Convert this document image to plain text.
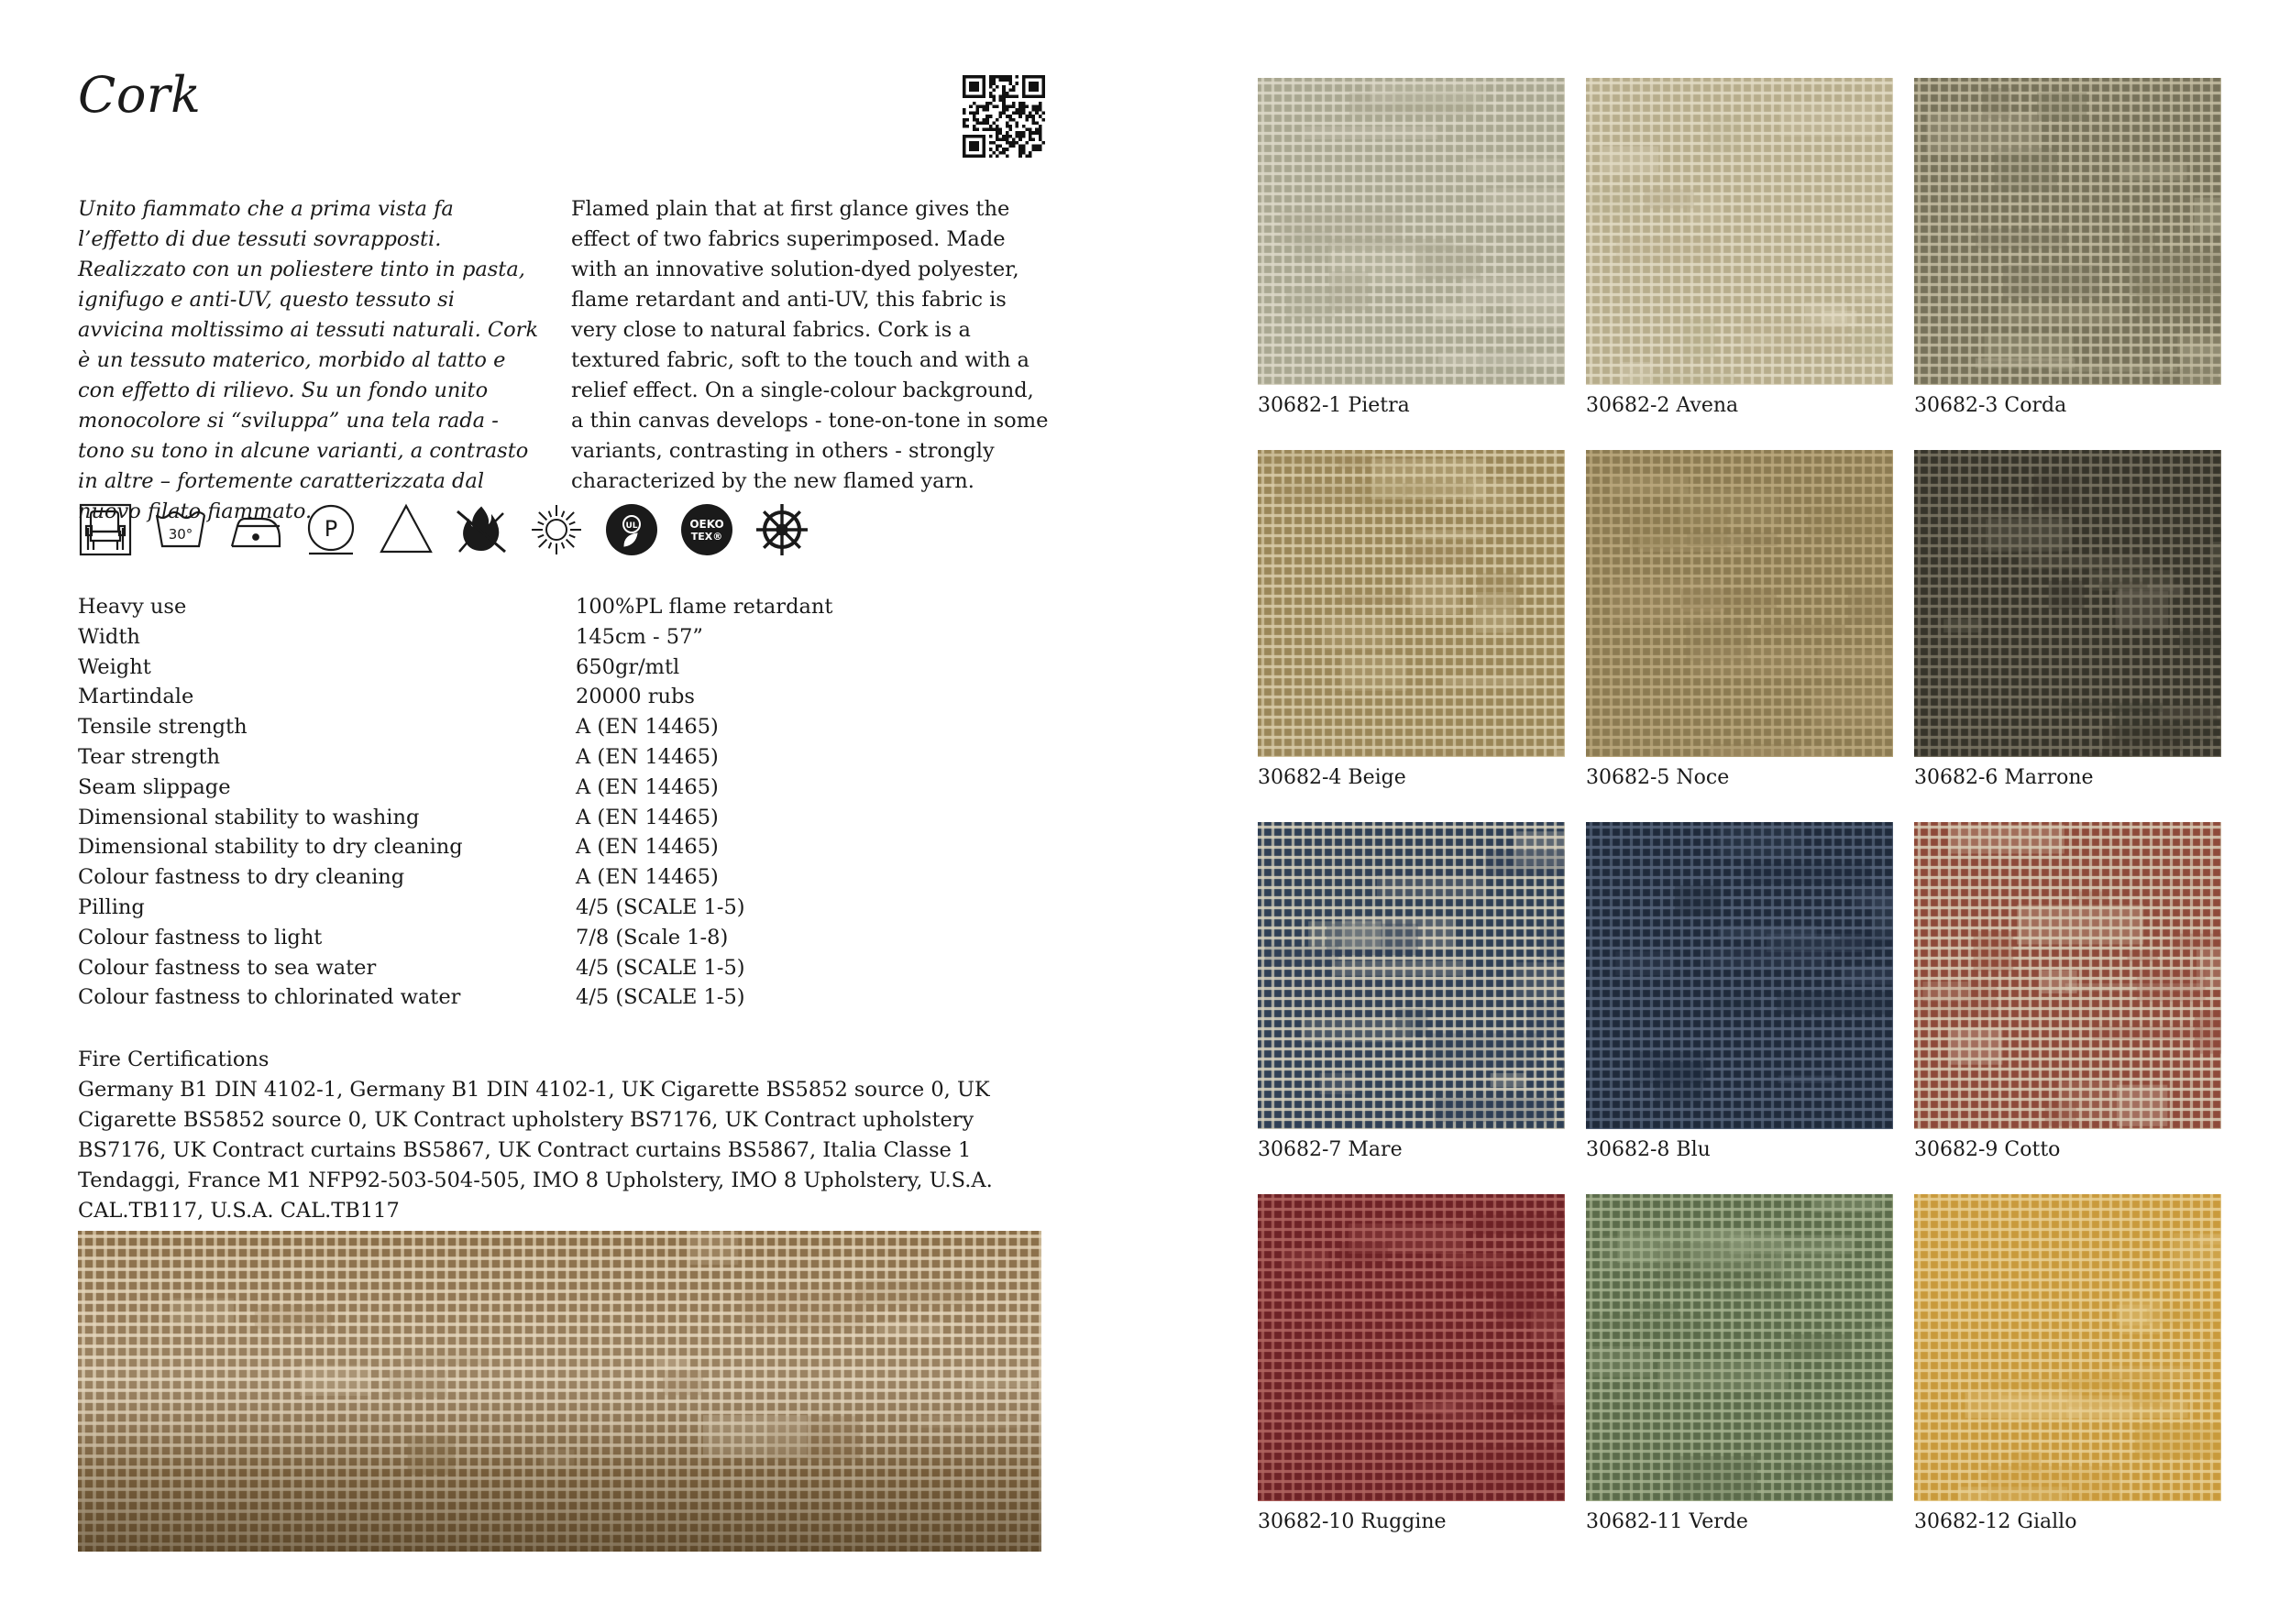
Cork

Unito fiammato che a prima vista fa l’effetto di due tessuti sovrapposti. Realizzato con un poliestere tinto in pasta, ignifugo e anti-UV, questo tessuto si avvicina moltissimo ai tessuti naturali. Cork è un tessuto materico, morbido al tatto e con effetto di rilievo. Su un fondo unito monocolore si “sviluppa” una tela rada - tono su tono in alcune varianti, a contrasto in altre – fortemente caratterizzata dal nuovo filato fiammato.

Flamed plain that at first glance gives the effect of two fabrics superimposed. Made with an innovative solution-dyed polyester, flame retardant and anti-UV, this fabric is very close to natural fabrics. Cork is a textured fabric, soft to the touch and with a relief effect. On a single-colour background, a thin canvas develops - tone-on-tone in some variants, contrasting in others - strongly characterized by the new flamed yarn.

30°	P	UL	OEKO
TEX®
Heavy use	100%PL flame retardant
Width	145cm - 57”
Weight	650gr/mtl
Martindale	20000 rubs
Tensile strength	A (EN 14465)
Tear strength	A (EN 14465)
Seam slippage	A (EN 14465)
Dimensional stability to washing	A (EN 14465)
Dimensional stability to dry cleaning	A (EN 14465)
Colour fastness to dry cleaning	A (EN 14465)
Pilling	4/5 (SCALE 1-5)
Colour fastness to light	7/8 (Scale 1-8)
Colour fastness to sea water	4/5 (SCALE 1-5)
Colour fastness to chlorinated water	4/5 (SCALE 1-5)

Fire Certifications

Germany B1 DIN 4102-1, Germany B1 DIN 4102-1, UK Cigarette BS5852 source 0, UK Cigarette BS5852 source 0, UK Contract upholstery BS7176, UK Contract upholstery BS7176, UK Contract curtains BS5867, UK Contract curtains BS5867, Italia Classe 1 Tendaggi, France M1 NFP92-503-504-505, IMO 8 Upholstery, IMO 8 Upholstery, U.S.A. CAL.TB117, U.S.A. CAL.TB117

30682-1 Pietra	30682-2 Avena	30682-3 Corda
30682-4 Beige	30682-5 Noce	30682-6 Marrone
30682-7 Mare	30682-8 Blu	30682-9 Cotto
30682-10 Ruggine	30682-11 Verde	30682-12 Giallo
